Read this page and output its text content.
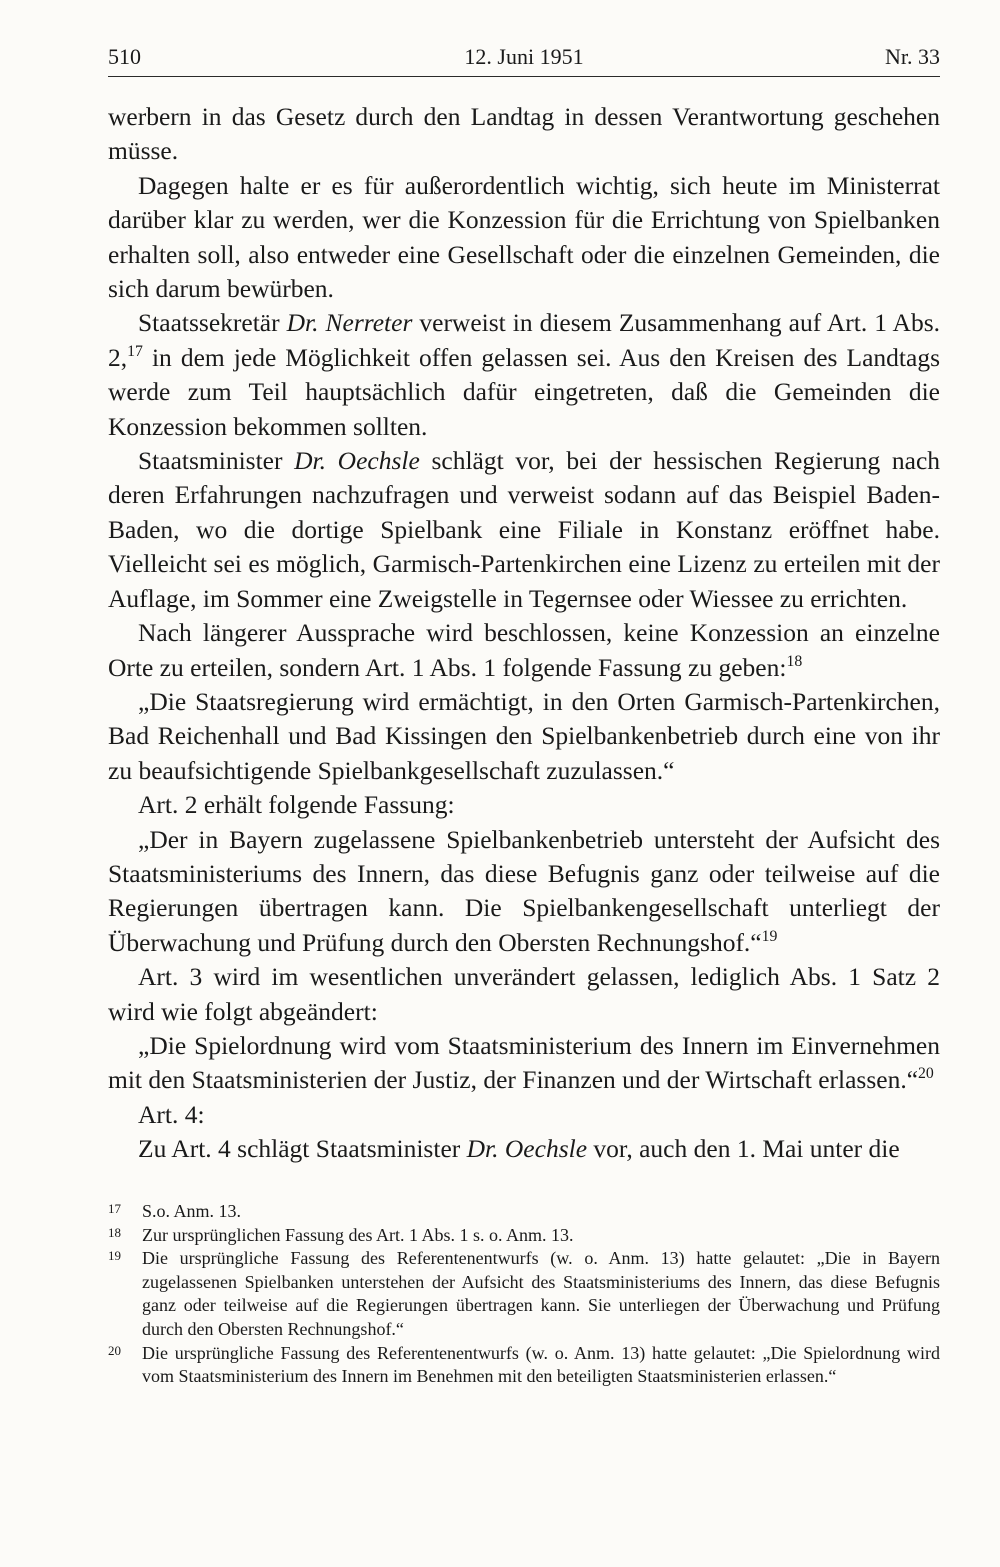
510	12. Juni 1951	Nr. 33

werbern in das Gesetz durch den Landtag in dessen Verantwortung geschehen müsse.

Dagegen halte er es für außerordentlich wichtig, sich heute im Ministerrat darüber klar zu werden, wer die Konzession für die Errichtung von Spielbanken erhalten soll, also entweder eine Gesellschaft oder die einzelnen Gemeinden, die sich darum bewürben.

Staatssekretär Dr. Nerreter verweist in diesem Zusammenhang auf Art. 1 Abs. 2,17 in dem jede Möglichkeit offen gelassen sei. Aus den Kreisen des Landtags werde zum Teil hauptsächlich dafür eingetreten, daß die Gemeinden die Konzession bekommen sollten.

Staatsminister Dr. Oechsle schlägt vor, bei der hessischen Regierung nach deren Erfahrungen nachzufragen und verweist sodann auf das Beispiel Baden-Baden, wo die dortige Spielbank eine Filiale in Konstanz eröffnet habe. Vielleicht sei es möglich, Garmisch-Partenkirchen eine Lizenz zu erteilen mit der Auflage, im Sommer eine Zweigstelle in Tegernsee oder Wiessee zu errichten.

Nach längerer Aussprache wird beschlossen, keine Konzession an einzelne Orte zu erteilen, sondern Art. 1 Abs. 1 folgende Fassung zu geben:$^{18}$

„Die Staatsregierung wird ermächtigt, in den Orten Garmisch-Partenkirchen, Bad Reichenhall und Bad Kissingen den Spielbankenbetrieb durch eine von ihr zu beaufsichtigende Spielbankgesellschaft zuzulassen.“

Art. 2 erhält folgende Fassung:

„Der in Bayern zugelassene Spielbankenbetrieb untersteht der Aufsicht des Staatsministeriums des Innern, das diese Befugnis ganz oder teilweise auf die Regierungen übertragen kann. Die Spielbankengesellschaft unterliegt der Überwachung und Prüfung durch den Obersten Rechnungshof.“$^{19}$

Art. 3 wird im wesentlichen unverändert gelassen, lediglich Abs. 1 Satz 2 wird wie folgt abgeändert:

„Die Spielordnung wird vom Staatsministerium des Innern im Einvernehmen mit den Staatsministerien der Justiz, der Finanzen und der Wirtschaft erlassen.“$^{20}$

Art. 4:

Zu Art. 4 schlägt Staatsminister Dr. Oechsle vor, auch den 1. Mai unter die

17	S.o. Anm. 13.
18	Zur ursprünglichen Fassung des Art. 1 Abs. 1 s. o. Anm. 13.
19	Die ursprüngliche Fassung des Referentenentwurfs (w. o. Anm. 13) hatte gelautet: „Die in Bayern zugelassenen Spielbanken unterstehen der Aufsicht des Staatsministeriums des Innern, das diese Befugnis ganz oder teilweise auf die Regierungen übertragen kann. Sie unterliegen der Überwachung und Prüfung durch den Obersten Rechnungshof.“
20	Die ursprüngliche Fassung des Referentenentwurfs (w. o. Anm. 13) hatte gelautet: „Die Spielordnung wird vom Staatsministerium des Innern im Benehmen mit den beteiligten Staatsministerien erlassen.“
